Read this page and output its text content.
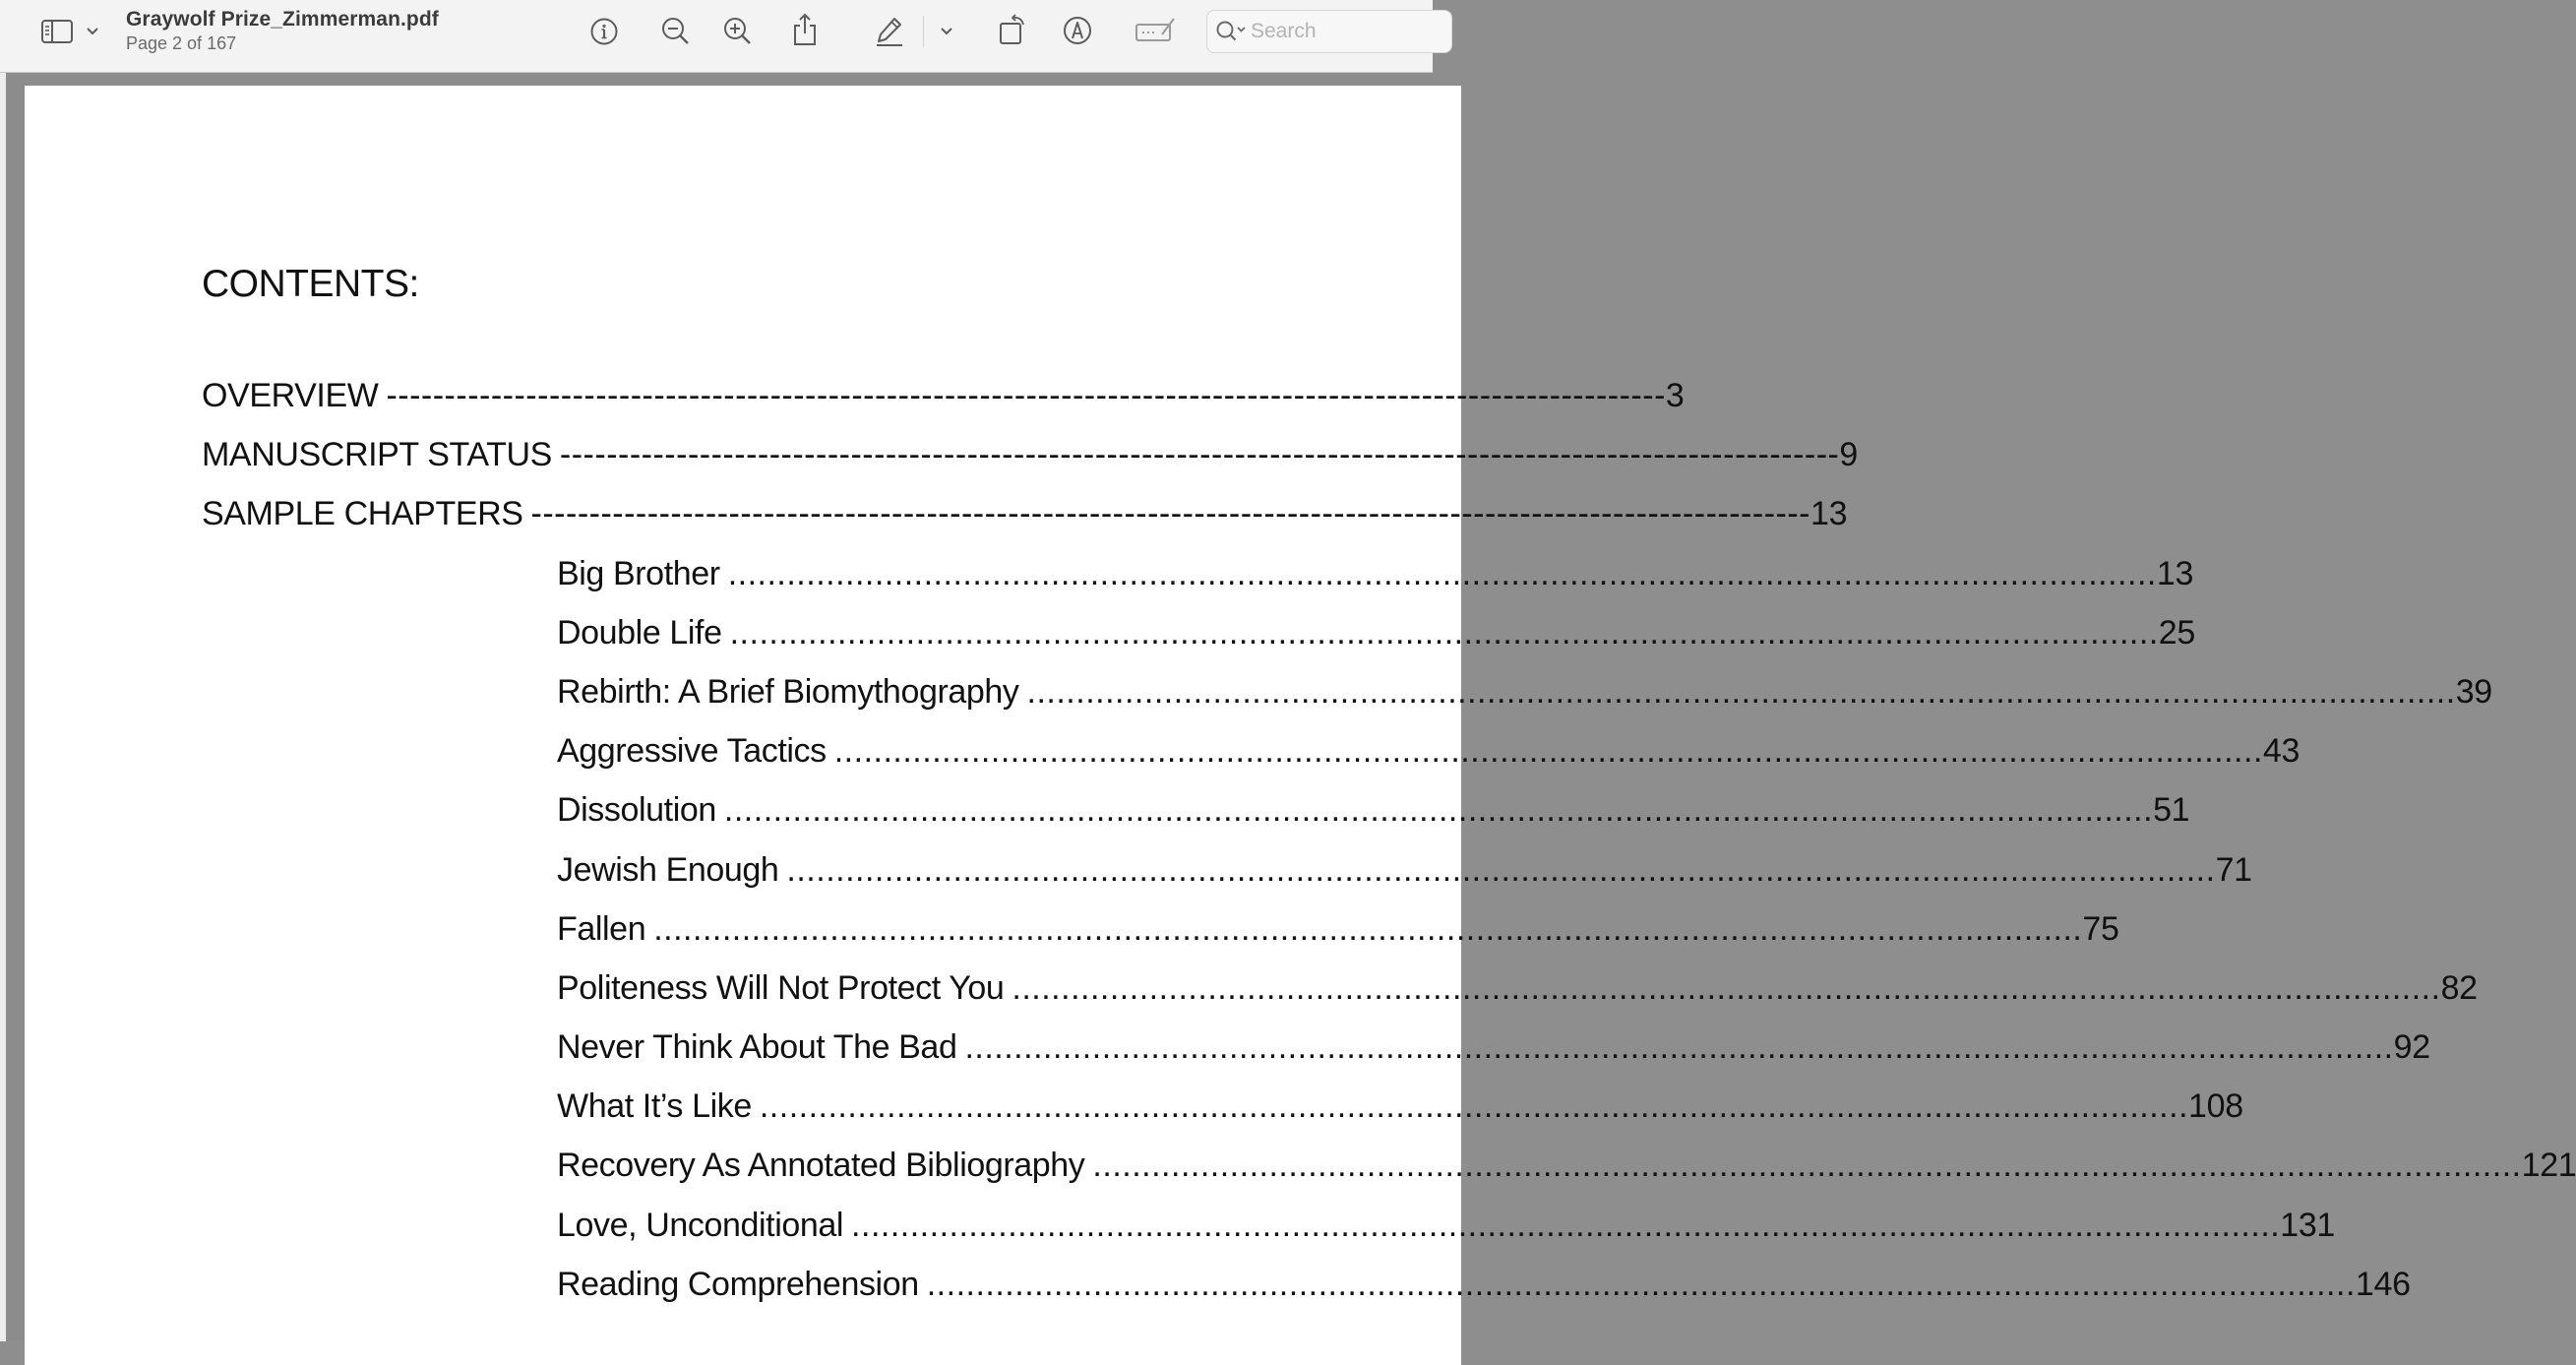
Graywolf Prize_Zimmerman.pdf
Page 2 of 167
Search
CONTENTS:
OVERVIEW -------------------------------------------------------------------------------------------------------------- 3
MANUSCRIPT STATUS -------------------------------------------------------------------------------------------------------------- 9
SAMPLE CHAPTERS -------------------------------------------------------------------------------------------------------------- 13
Big Brother .................................................................................................................................................. 13
Double Life .................................................................................................................................................. 25
Rebirth: A Brief Biomythography .................................................................................................................................................. 39
Aggressive Tactics .................................................................................................................................................. 43
Dissolution .................................................................................................................................................. 51
Jewish Enough .................................................................................................................................................. 71
Fallen .................................................................................................................................................. 75
Politeness Will Not Protect You .................................................................................................................................................. 82
Never Think About The Bad .................................................................................................................................................. 92
What It’s Like .................................................................................................................................................. 108
Recovery As Annotated Bibliography .................................................................................................................................................. 121
Love, Unconditional .................................................................................................................................................. 131
Reading Comprehension .................................................................................................................................................. 146
